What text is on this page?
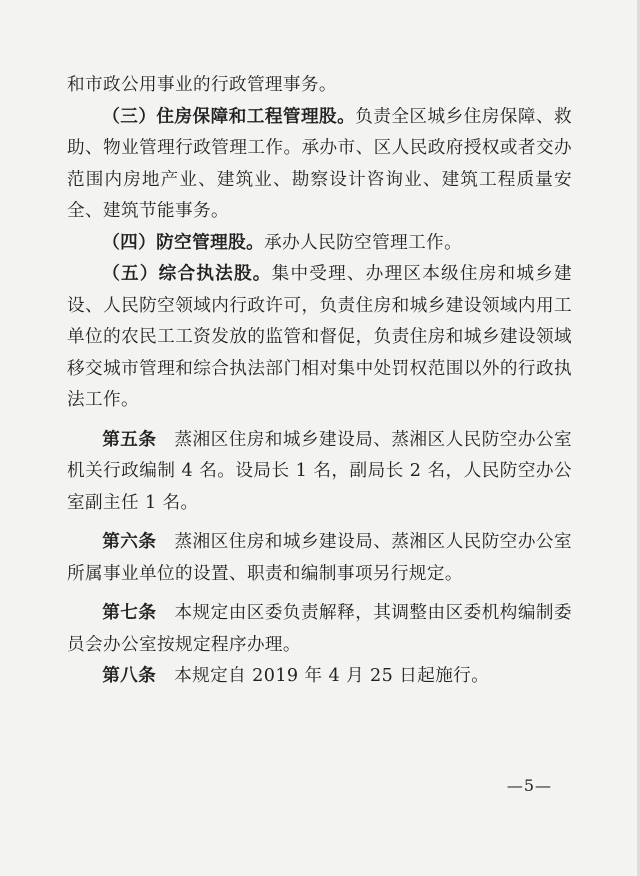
和市政公用事业的行政管理事务。

（三）住房保障和工程管理股。负责全区城乡住房保障、救助、物业管理行政管理工作。承办市、区人民政府授权或者交办范围内房地产业、建筑业、勘察设计咨询业、建筑工程质量安全、建筑节能事务。

（四）防空管理股。承办人民防空管理工作。

（五）综合执法股。集中受理、办理区本级住房和城乡建设、人民防空领域内行政许可，负责住房和城乡建设领域内用工单位的农民工工资发放的监管和督促，负责住房和城乡建设领域移交城市管理和综合执法部门相对集中处罚权范围以外的行政执法工作。

第五条　蒸湘区住房和城乡建设局、蒸湘区人民防空办公室机关行政编制 4 名。设局长 1 名，副局长 2 名，人民防空办公室副主任 1 名。

第六条　蒸湘区住房和城乡建设局、蒸湘区人民防空办公室所属事业单位的设置、职责和编制事项另行规定。

第七条　本规定由区委负责解释，其调整由区委机构编制委员会办公室按规定程序办理。

第八条　本规定自 2019 年 4 月 25 日起施行。

—5—
